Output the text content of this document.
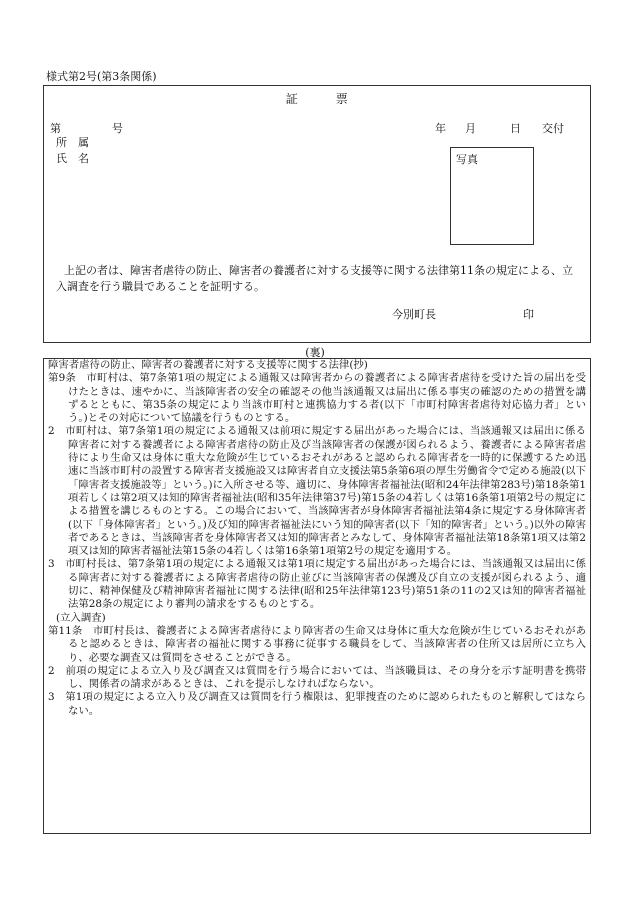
様式第2号(第3条関係)
証　　　票
第	号	年 月	日 交付
所　属
氏　名	写真
上記の者は、障害者虐待の防止、障害者の養護者に対する支援等に関する法律第11条の規定による、立入調査を行う職員であることを証明する。
今別町長	印
(裏)

障害者虐待の防止、障害者の養護者に対する支援等に関する法律(抄)

第9条　市町村は、第7条第1項の規定による通報又は障害者からの養護者による障害者虐待を受けた旨の届出を受けたときは、速やかに、当該障害者の安全の確認その他当該通報又は届出に係る事実の確認のための措置を講ずるとともに、第35条の規定により当該市町村と連携協力する者(以下「市町村障害者虐待対応協力者」という。)とその対応について協議を行うものとする。

2　市町村は、第7条第1項の規定による通報又は前項に規定する届出があった場合には、当該通報又は届出に係る障害者に対する養護者による障害者虐待の防止及び当該障害者の保護が図られるよう、養護者による障害者虐待により生命又は身体に重大な危険が生じているおそれがあると認められる障害者を一時的に保護するため迅速に当該市町村の設置する障害者支援施設又は障害者自立支援法第5条第6項の厚生労働省令で定める施設(以下「障害者支援施設等」という。)に入所させる等、適切に、身体障害者福祉法(昭和24年法律第283号)第18条第1項若しくは第2項又は知的障害者福祉法(昭和35年法律第37号)第15条の4若しくは第16条第1項第2号の規定による措置を講じるものとする。この場合において、当該障害者が身体障害者福祉法第4条に規定する身体障害者(以下「身体障害者」という。)及び知的障害者福祉法にいう知的障害者(以下「知的障害者」という。)以外の障害者であるときは、当該障害者を身体障害者又は知的障害者とみなして、身体障害者福祉法第18条第1項又は第2項又は知的障害者福祉法第15条の4若しくは第16条第1項第2号の規定を適用する。

3　市町村長は、第7条第1項の規定による通報又は第1項に規定する届出があった場合には、当該通報又は届出に係る障害者に対する養護者による障害者虐待の防止並びに当該障害者の保護及び自立の支援が図られるよう、適切に、精神保健及び精神障害者福祉に関する法律(昭和25年法律第123号)第51条の11の2又は知的障害者福祉法第28条の規定により審判の請求をするものとする。

(立入調査)

第11条　市町村長は、養護者による障害者虐待により障害者の生命又は身体に重大な危険が生じているおそれがあると認めるときは、障害者の福祉に関する事務に従事する職員をして、当該障害者の住所又は居所に立ち入り、必要な調査又は質問をさせることができる。

2　前項の規定による立入り及び調査又は質問を行う場合においては、当該職員は、その身分を示す証明書を携帯し、関係者の請求があるときは、これを提示しなければならない。

3　第1項の規定による立入り及び調査又は質問を行う権限は、犯罪捜査のために認められたものと解釈してはならない。
